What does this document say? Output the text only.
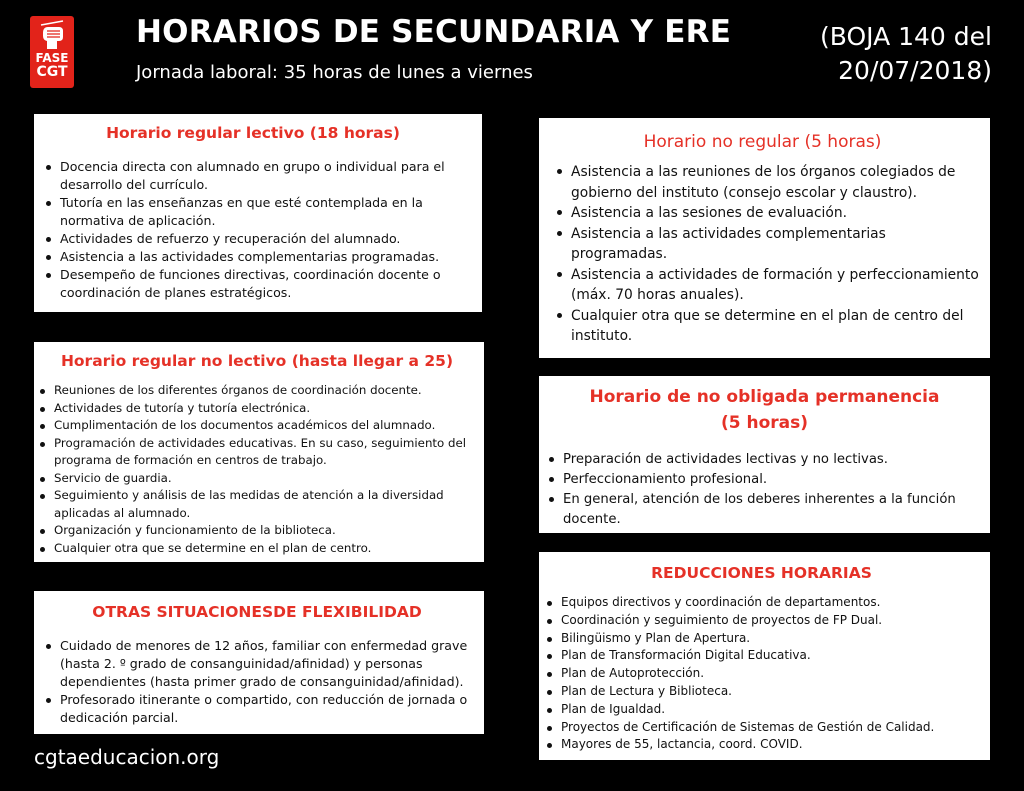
FASE
CGT
HORARIOS DE SECUNDARIA Y ERE
Jornada laboral: 35 horas de lunes a viernes
(BOJA 140 del
20/07/2018)
Horario regular lectivo (18 horas)
Docencia directa con alumnado en grupo o individual para el desarrollo del currículo.
Tutoría en las enseñanzas en que esté contemplada en la normativa de aplicación.
Actividades de refuerzo y recuperación del alumnado.
Asistencia a las actividades complementarias programadas.
Desempeño de funciones directivas, coordinación docente o coordinación de planes estratégicos.
Horario regular no lectivo (hasta llegar a 25)
Reuniones de los diferentes órganos de coordinación docente.
Actividades de tutoría y tutoría electrónica.
Cumplimentación de los documentos académicos del alumnado.
Programación de actividades educativas. En su caso, seguimiento del programa de formación en centros de trabajo.
Servicio de guardia.
Seguimiento y análisis de las medidas de atención a la diversidad aplicadas al alumnado.
Organización y funcionamiento de la biblioteca.
Cualquier otra que se determine en el plan de centro.
OTRAS SITUACIONESDE FLEXIBILIDAD
Cuidado de menores de 12 años, familiar con enfermedad grave (hasta 2. º grado de consanguinidad/afinidad) y personas dependientes (hasta primer grado de consanguinidad/afinidad).
Profesorado itinerante o compartido, con reducción de jornada o dedicación parcial.
Horario no regular (5 horas)
Asistencia a las reuniones de los órganos colegiados de gobierno del instituto (consejo escolar y claustro).
Asistencia a las sesiones de evaluación.
Asistencia a las actividades complementarias programadas.
Asistencia a actividades de formación y perfeccionamiento (máx. 70 horas anuales).
Cualquier otra que se determine en el plan de centro del instituto.
Horario de no obligada permanencia
(5 horas)
Preparación de actividades lectivas y no lectivas.
Perfeccionamiento profesional.
En general, atención de los deberes inherentes a la función docente.
REDUCCIONES HORARIAS
Equipos directivos y coordinación de departamentos.
Coordinación y seguimiento de proyectos de FP Dual.
Bilingüismo y Plan de Apertura.
Plan de Transformación Digital Educativa.
Plan de Autoprotección.
Plan de Lectura y Biblioteca.
Plan de Igualdad.
Proyectos de Certificación de Sistemas de Gestión de Calidad.
Mayores de 55, lactancia, coord. COVID.
cgtaeducacion.org
